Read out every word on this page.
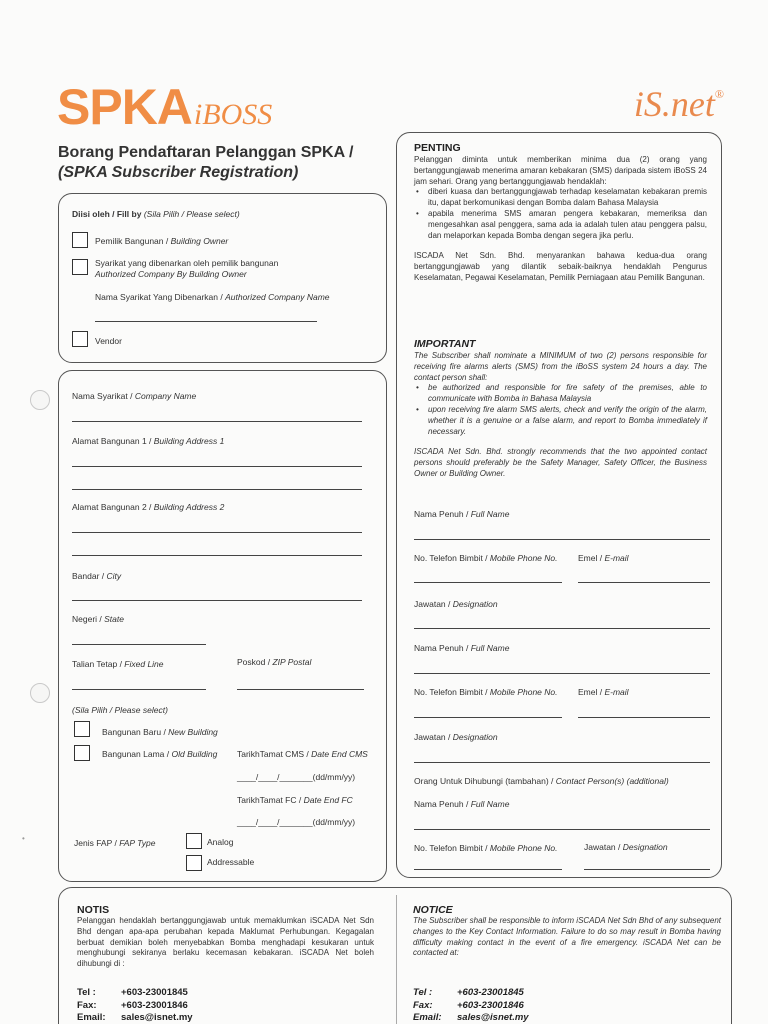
SPKAiBOSS	iS.net®
Borang Pendaftaran Pelanggan SPKA /
(SPKA Subscriber Registration)
Diisi oleh / Fill by (Sila Pilih / Please select)
Pemilik Bangunan / Building Owner
Syarikat yang dibenarkan oleh pemilik bangunan
Authorized Company By Building Owner
Nama Syarikat Yang Dibenarkan / Authorized Company Name
Vendor
Nama Syarikat / Company Name
Alamat Bangunan 1 / Building Address 1
Alamat Bangunan 2 / Building Address 2
Bandar / City
Negeri / State
Talian Tetap / Fixed Line	Poskod / ZIP Postal
(Sila Pilih / Please select)
Bangunan Baru / New Building
Bangunan Lama / Old Building TarikhTamat CMS / Date End CMS
____/____/_______(dd/mm/yy)
TarikhTamat FC / Date End FC
____/____/_______(dd/mm/yy)
Jenis FAP / FAP Type	Analog
Addressable
•
PENTING
Pelanggan diminta untuk memberikan minima dua (2) orang yang bertanggungjawab menerima amaran kebakaran (SMS) daripada sistem iBoSS 24 jam sehari. Orang yang bertanggungjawab hendaklah:
• diberi kuasa dan bertanggungjawab terhadap keselamatan kebakaran premis itu, dapat berkomunikasi dengan Bomba dalam Bahasa Malaysia
• apabila menerima SMS amaran pengera kebakaran, memeriksa dan mengesahkan asal penggera, sama ada ia adalah tulen atau penggera palsu, dan melaporkan kepada Bomba dengan segera jika perlu.
ISCADA Net Sdn. Bhd. menyarankan bahawa kedua-dua orang bertanggungjawab yang dilantik sebaik-baiknya hendaklah Pengurus Keselamatan, Pegawai Keselamatan, Pemilik Perniagaan atau Pemilik Bangunan.
IMPORTANT
The Subscriber shall nominate a MINIMUM of two (2) persons responsible for receiving fire alarms alerts (SMS) from the iBoSS system 24 hours a day. The contact person shall:
• be authorized and responsible for fire safety of the premises, able to communicate with Bomba in Bahasa Malaysia
• upon receiving fire alarm SMS alerts, check and verify the origin of the alarm, whether it is a genuine or a false alarm, and report to Bomba immediately if necessary.
ISCADA Net Sdn. Bhd. strongly recommends that the two appointed contact persons should preferably be the Safety Manager, Safety Officer, the Business Owner or Building Owner.
Nama Penuh / Full Name
No. Telefon Bimbit / Mobile Phone No. Emel / E-mail
Jawatan / Designation
Nama Penuh / Full Name
No. Telefon Bimbit / Mobile Phone No. Emel / E-mail
Jawatan / Designation
Orang Untuk Dihubungi (tambahan) / Contact Person(s) (additional)
Nama Penuh / Full Name
No. Telefon Bimbit / Mobile Phone No.	Jawatan / Designation
NOTIS
Pelanggan hendaklah bertanggungjawab untuk memaklumkan iSCADA Net Sdn Bhd dengan apa-apa perubahan kepada Maklumat Perhubungan. Kegagalan berbuat demikian boleh menyebabkan Bomba menghadapi kesukaran untuk menghubungi sekiranya berlaku kecemasan kebakaran. iSCADA Net boleh dihubungi di :
Tel :	+603-23001845
Fax:	+603-23001846
Email: sales@isnet.my
NOTICE
The Subscriber shall be responsible to inform iSCADA Net Sdn Bhd of any subsequent changes to the Key Contact Information. Failure to do so may result in Bomba having difficulty making contact in the event of a fire emergency. iSCADA Net can be contacted at:
Tel :	+603-23001845
Fax:	+603-23001846
Email: sales@isnet.my
